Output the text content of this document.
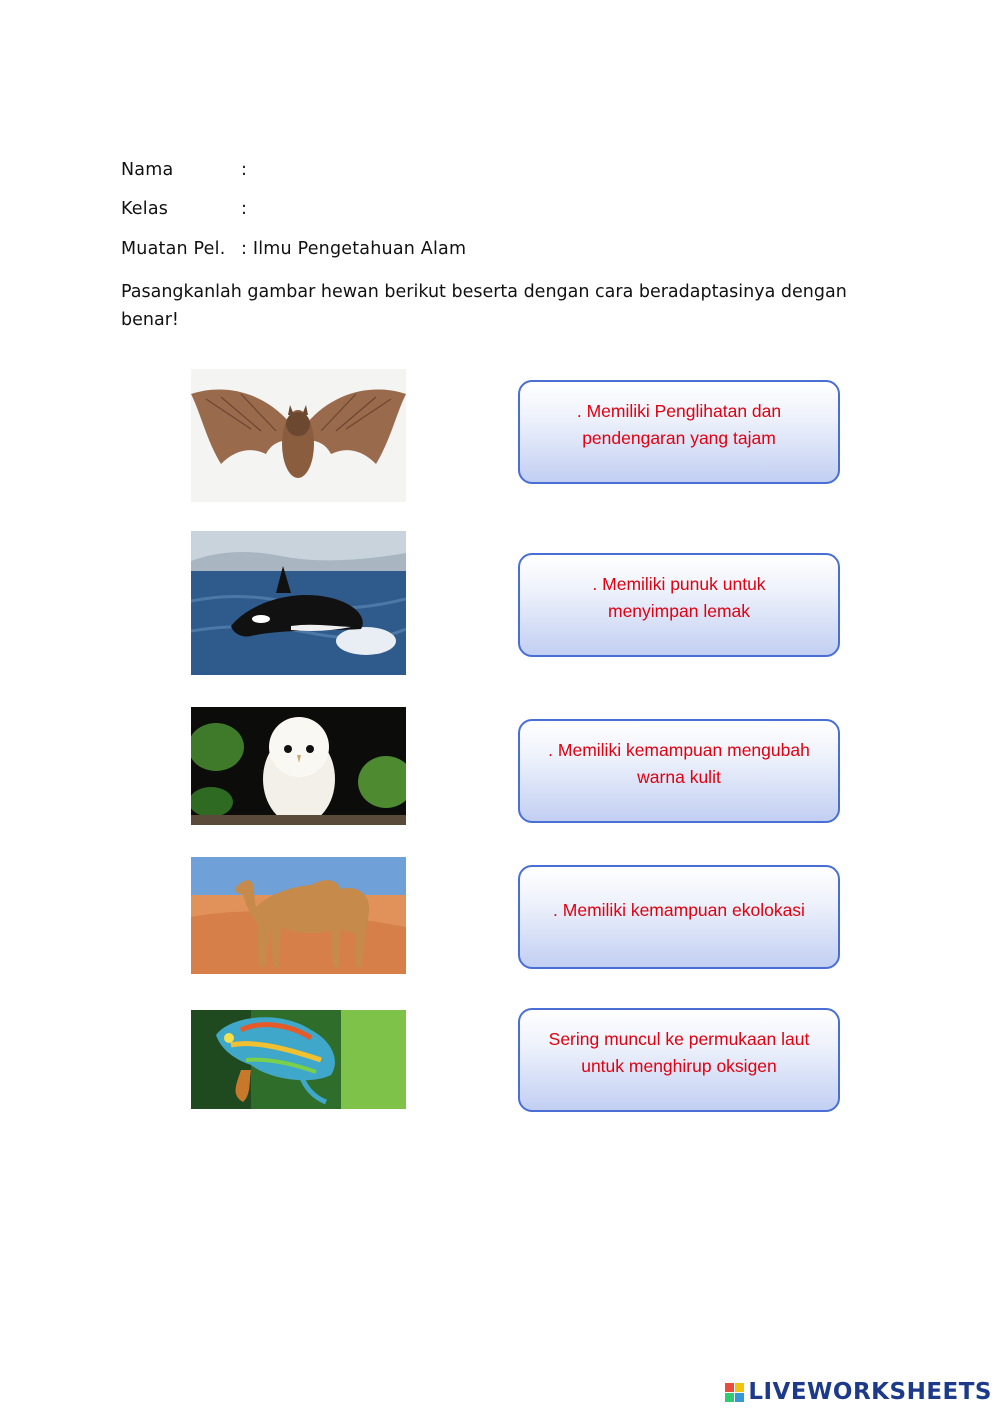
Nama	:
Kelas	:
Muatan Pel. : Ilmu Pengetahuan Alam
Pasangkanlah gambar hewan berikut beserta dengan cara beradaptasinya dengan benar!
. Memiliki Penglihatan dan
pendengaran yang tajam
. Memiliki punuk untuk
menyimpan lemak
. Memiliki kemampuan mengubah
warna kulit
. Memiliki kemampuan ekolokasi
Sering muncul ke permukaan laut
untuk menghirup oksigen
LIVEWORKSHEETS
